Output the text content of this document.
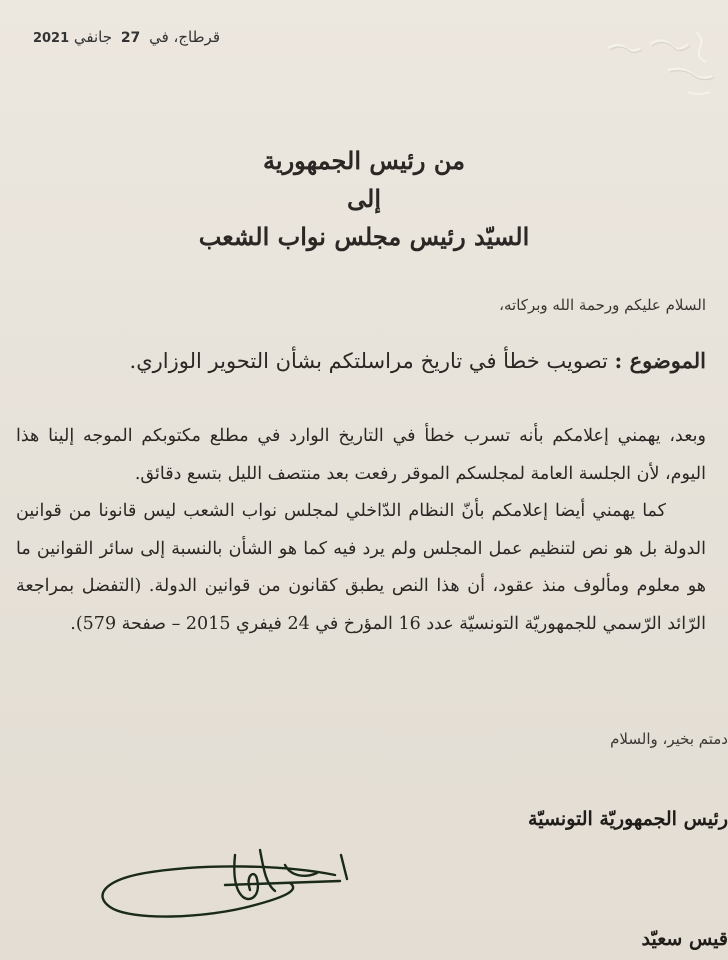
قرطاج، في 27 جانفي 2021
من رئيس الجمهورية
إلى
السيّد رئيس مجلس نواب الشعب
السلام عليكم ورحمة الله وبركاته،
الموضوع : تصويب خطأ في تاريخ مراسلتكم بشأن التحوير الوزاري.

وبعد، يهمني إعلامكم بأنه تسرب خطأ في التاريخ الوارد في مطلع مكتوبكم الموجه إلينا هذا اليوم، لأن الجلسة العامة لمجلسكم الموقر رفعت بعد منتصف الليل بتسع دقائق.

كما يهمني أيضا إعلامكم بأنّ النظام الدّاخلي لمجلس نواب الشعب ليس قانونا من قوانين الدولة بل هو نص لتنظيم عمل المجلس ولم يرد فيه كما هو الشأن بالنسبة إلى سائر القوانين ما هو معلوم ومألوف منذ عقود، أن هذا النص يطبق كقانون من قوانين الدولة. (التفضل بمراجعة الرّائد الرّسمي للجمهوريّة التونسيّة عدد 16 المؤرخ في 24 فيفري 2015 – صفحة 579).

دمتم بخير، والسلام
رئيس الجمهوريّة التونسيّة
قيس سعيّد
